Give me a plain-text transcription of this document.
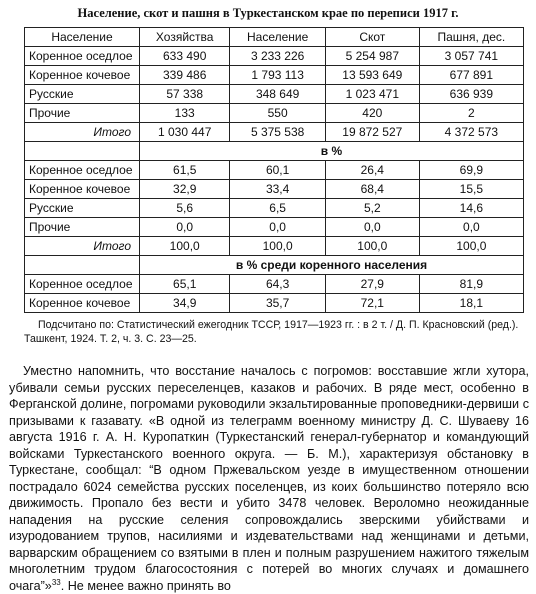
Население, скот и пашня в Туркестанском крае по переписи 1917 г.
Население	Хозяйства	Население	Скот	Пашня, дес.
Коренное оседлое	633 490	3 233 226	5 254 987	3 057 741
Коренное кочевое	339 486	1 793 113	13 593 649	677 891
Русские	57 338	348 649	1 023 471	636 939
Прочие	133	550	420	2
Итого	1 030 447	5 375 538	19 872 527	4 372 573
	в %			
Коренное оседлое	61,5	60,1	26,4	69,9
Коренное кочевое	32,9	33,4	68,4	15,5
Русские	5,6	6,5	5,2	14,6
Прочие	0,0	0,0	0,0	0,0
Итого	100,0	100,0	100,0	100,0
	в % среди коренного населения			
Коренное оседлое	65,1	64,3	27,9	81,9
Коренное кочевое	34,9	35,7	72,1	18,1
Подсчитано по: Статистический ежегодник ТССР, 1917—1923 гг. : в 2 т. / Д. П. Красновский (ред.). Ташкент, 1924. Т. 2, ч. 3. С. 23—25.
Уместно напомнить, что восстание началось с погромов: восставшие жгли хутора, убивали семьи русских переселенцев, казаков и рабочих. В ряде мест, особенно в Ферганской долине, погромами руководили экзальтированные проповедники-дервиши с призывами к газавату. «В одной из телеграмм военному министру Д. С. Шуваеву 16 августа 1916 г. А. Н. Куропаткин (Туркестанский генерал-губернатор и командующий войсками Туркестанского военного округа. — Б. М.), характеризуя обстановку в Туркестане, сообщал: “В одном Пржевальском уезде в имущественном отношении пострадало 6024 семейства русских поселенцев, из коих большинство потеряло всю движимость. Пропало без вести и убито 3478 человек. Вероломно неожиданные нападения на русские селения сопровождались зверскими убийствами и изуродованием трупов, насилиями и издевательствами над женщинами и детьми, варварским обращением со взятыми в плен и полным разрушением нажитого тяжелым многолетним трудом благосостояния с потерей во многих случаях и домашнего очага”»$^{33}$. Не менее важно принять во
